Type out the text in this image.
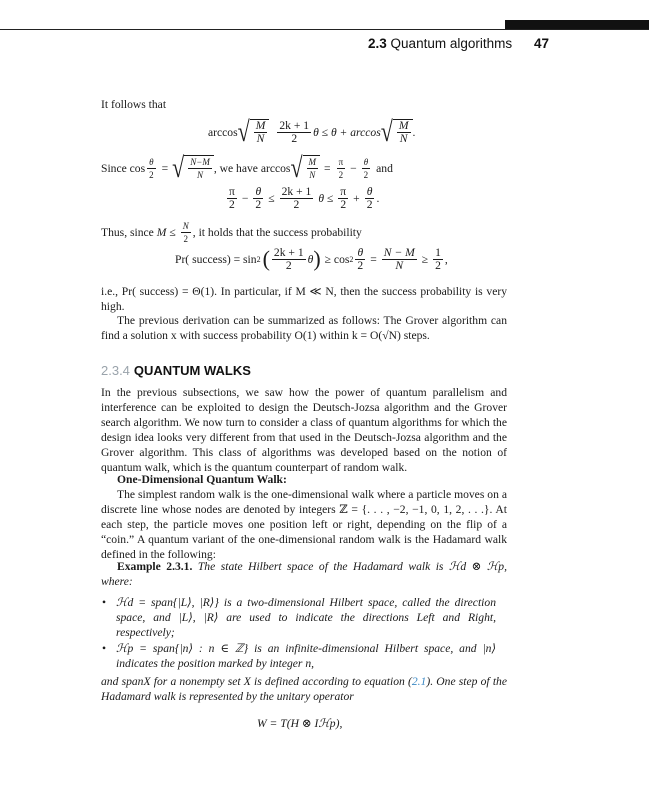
2.3 Quantum algorithms 47
It follows that
arccos √ $\frac{M}{N} \frac{2k + 1}{2}$ θ ≤ θ + arccos √ $\frac{M}{N}$ .
Since $\cos \frac{\theta}{2}$ = √ $\frac{N-M}{N}$ , we have arccos √ $\frac{M}{N} = \frac{\pi}{2} - \frac{\theta}{2}$ and
$\frac{\pi}{2} - \frac{\theta}{2} \le \frac{2k + 1}{2}$ $\theta \le \frac{\pi}{2} + \frac{\theta}{2}$ .
Thus, since
$M \le \frac{N}{2}$ , it holds that the success probability
Pr( success) = sin 2 ( $\frac{2k + 1}{2}$ θ ) ≥ $\cos 2 \frac{\theta}{2} = \frac{N - M}{N} \ge \frac{1}{2}$ ,
i.e., Pr( success) = Θ(1). In particular, if M ≪ N, then the success probability is very high.
The previous derivation can be summarized as follows: The Grover algorithm can find a solution x with success probability O(1) within k = O(√N) steps.
2.3.4 QUANTUM WALKS
In the previous subsections, we saw how the power of quantum parallelism and interference can be exploited to design the Deutsch-Jozsa algorithm and the Grover search algorithm. We now turn to consider a class of quantum algorithms for which the design idea looks very different from that used in the Deutsch-Jozsa algorithm and the Grover algorithm. This class of algorithms was developed based on the notion of quantum walk, which is the quantum counterpart of random walk.
One-Dimensional Quantum Walk:
The simplest random walk is the one-dimensional walk where a particle moves on a discrete line whose nodes are denoted by integers ℤ = {. . . , −2, −1, 0, 1, 2, . . .}. At each step, the particle moves one position left or right, depending on the flip of a “coin.” A quantum variant of the one-dimensional random walk is the Hadamard walk defined in the following:
Example 2.3.1. The state Hilbert space of the Hadamard walk is ℋd ⊗ ℋp, where:
• ℋd = span{|L⟩, |R⟩} is a two-dimensional Hilbert space, called the direction space, and |L⟩, |R⟩ are used to indicate the directions Left and Right, respectively;
• ℋp = span{|n⟩ : n ∈ ℤ} is an infinite-dimensional Hilbert space, and |n⟩ indicates the position marked by integer n,
and spanX for a nonempty set X is defined according to equation (2.1). One step of the Hadamard walk is represented by the unitary operator
W = T(H ⊗ Iℋp),
